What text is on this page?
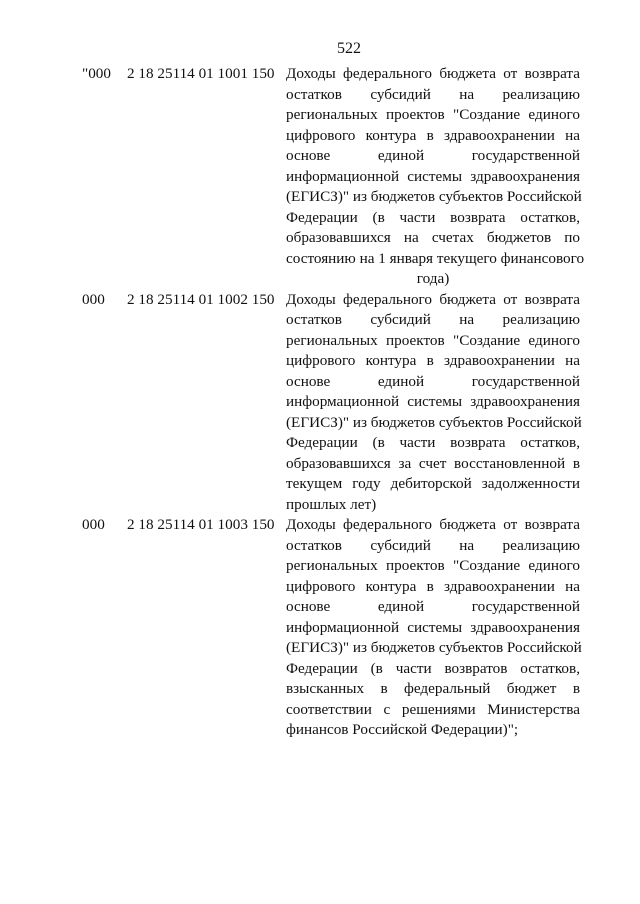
522
"000 2 18 25114 01 1001 150 Доходы федерального бюджета от возврата
остатков субсидий на реализацию
региональных проектов "Создание единого
цифрового контура в здравоохранении на
основе единой государственной
информационной системы здравоохранения
(ЕГИСЗ)" из бюджетов субъектов Российской
Федерации (в части возврата остатков,
образовавшихся на счетах бюджетов по
состоянию на 1 января текущего финансового
года)
000 2 18 25114 01 1002 150 Доходы федерального бюджета от возврата
остатков субсидий на реализацию
региональных проектов "Создание единого
цифрового контура в здравоохранении на
основе единой государственной
информационной системы здравоохранения
(ЕГИСЗ)" из бюджетов субъектов Российской
Федерации (в части возврата остатков,
образовавшихся за счет восстановленной в
текущем году дебиторской задолженности
прошлых лет)
000 2 18 25114 01 1003 150 Доходы федерального бюджета от возврата
остатков субсидий на реализацию
региональных проектов "Создание единого
цифрового контура в здравоохранении на
основе единой государственной
информационной системы здравоохранения
(ЕГИСЗ)" из бюджетов субъектов Российской
Федерации (в части возвратов остатков,
взысканных в федеральный бюджет в
соответствии с решениями Министерства
финансов Российской Федерации)";
